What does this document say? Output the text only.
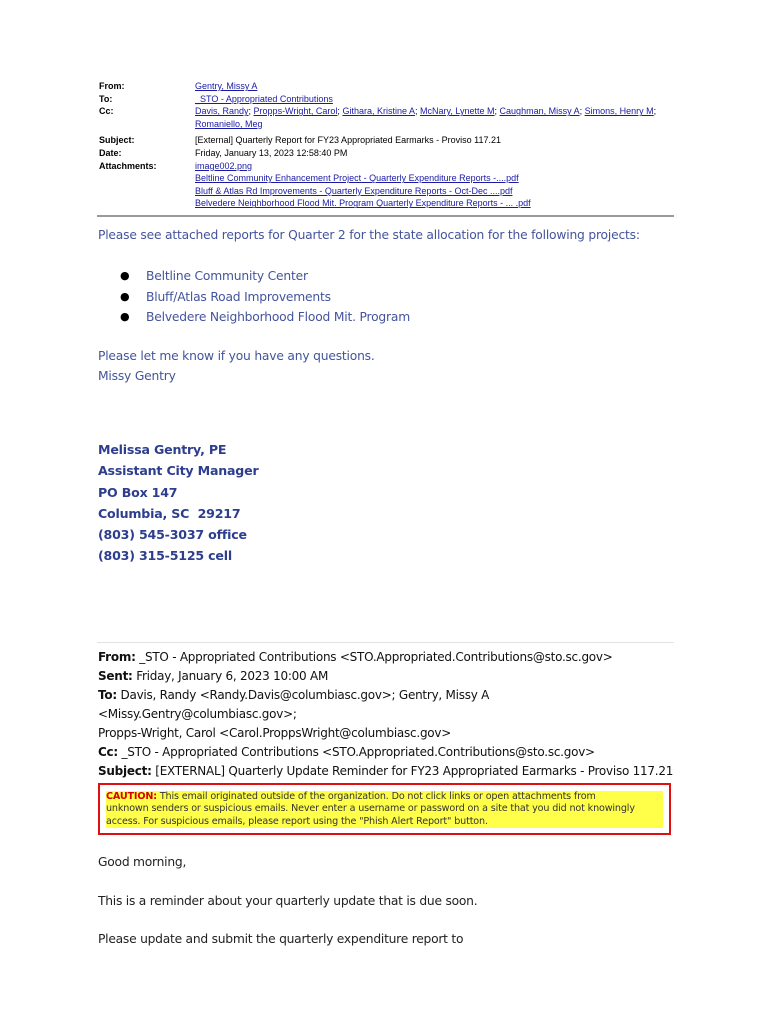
From:	Gentry, Missy A
To:	_STO - Appropriated Contributions
Cc:	Davis, Randy; Propps-Wright, Carol; Githara, Kristine A; McNary, Lynette M; Caughman, Missy A; Simons, Henry M; Romaniello, Meg
Subject:	[External] Quarterly Report for FY23 Appropriated Earmarks - Proviso 117.21
Date:	Friday, January 13, 2023 12:58:40 PM
Attachments:	image002.png
Beltline Community Enhancement Project - Quarterly Expenditure Reports -....pdf
Bluff & Atlas Rd Improvements - Quarterly Expenditure Reports - Oct-Dec ....pdf
Belvedere Neighborhood Flood Mit. Program Quarterly Expenditure Reports - ... .pdf
Please see attached reports for Quarter 2 for the state allocation for the following projects:
● Beltline Community Center
● Bluff/Atlas Road Improvements
● Belvedere Neighborhood Flood Mit. Program
Please let me know if you have any questions.
Missy Gentry
Melissa Gentry, PE
Assistant City Manager
PO Box 147
Columbia, SC  29217
(803) 545-3037 office
(803) 315-5125 cell
From: _STO - Appropriated Contributions <STO.Appropriated.Contributions@sto.sc.gov>
Sent: Friday, January 6, 2023 10:00 AM
To: Davis, Randy <Randy.Davis@columbiasc.gov>; Gentry, Missy A <Missy.Gentry@columbiasc.gov>;
Propps-Wright, Carol <Carol.ProppsWright@columbiasc.gov>
Cc: _STO - Appropriated Contributions <STO.Appropriated.Contributions@sto.sc.gov>
Subject: [EXTERNAL] Quarterly Update Reminder for FY23 Appropriated Earmarks - Proviso 117.21
CAUTION: This email originated outside of the organization. Do not click links or open attachments from
unknown senders or suspicious emails. Never enter a username or password on a site that you did not knowingly
access. For suspicious emails, please report using the "Phish Alert Report" button.
Good morning,
This is a reminder about your quarterly update that is due soon.
Please update and submit the quarterly expenditure report to
